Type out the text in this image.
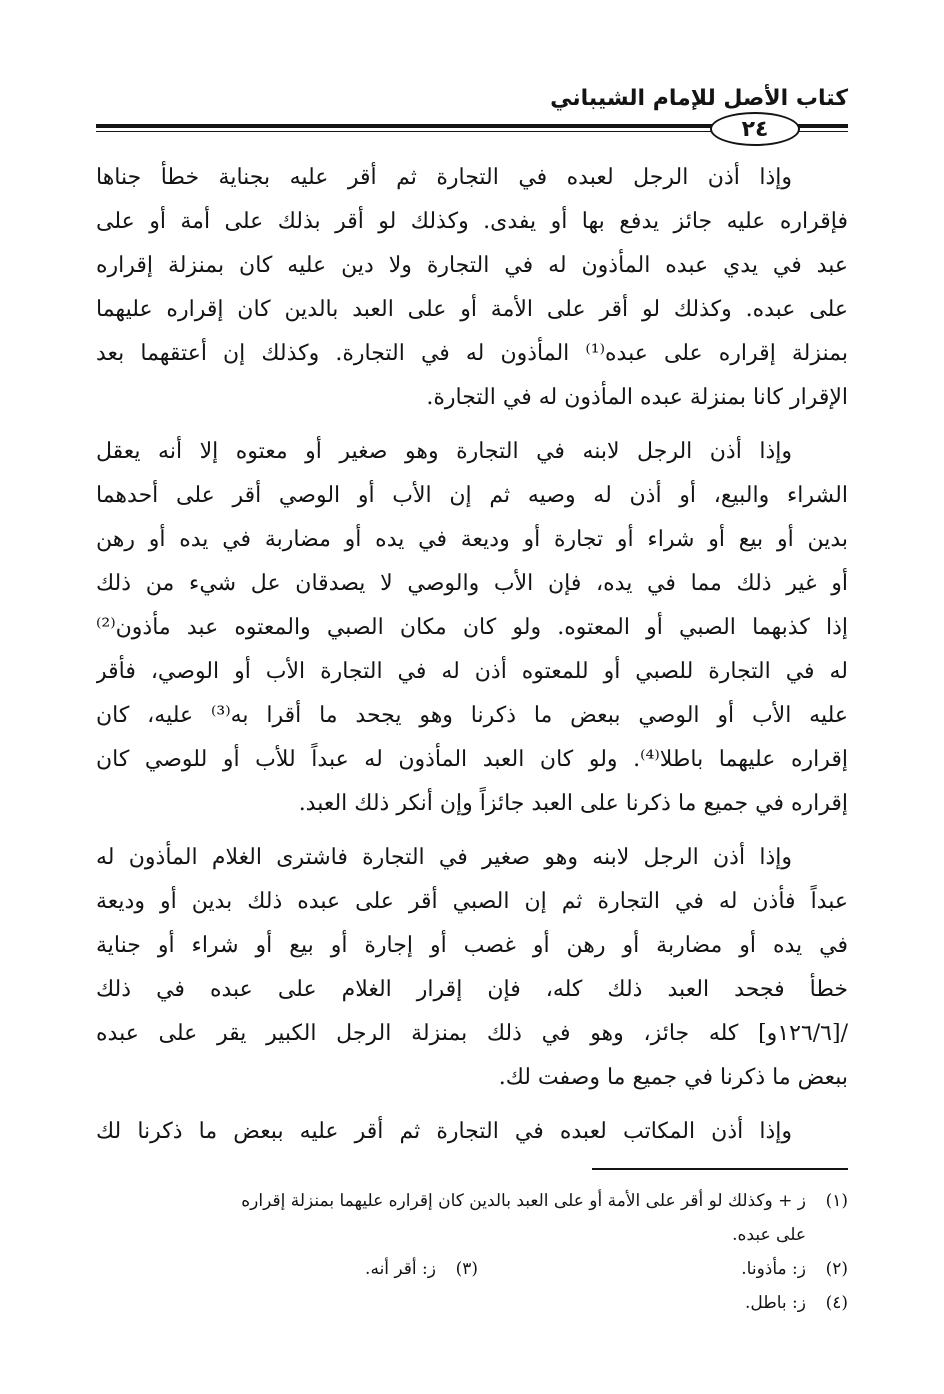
كتاب الأصل للإمام الشيباني
٢٤
وإذا أذن الرجل لعبده في التجارة ثم أقر عليه بجناية خطأ جناها
فإقراره عليه جائز يدفع بها أو يفدى. وكذلك لو أقر بذلك على أمة أو على
عبد في يدي عبده المأذون له في التجارة ولا دين عليه كان بمنزلة إقراره
على عبده. وكذلك لو أقر على الأمة أو على العبد بالدين كان إقراره عليهما
بمنزلة إقراره على عبده⁽¹⁾ المأذون له في التجارة. وكذلك إن أعتقهما بعد
الإقرار كانا بمنزلة عبده المأذون له في التجارة.
وإذا أذن الرجل لابنه في التجارة وهو صغير أو معتوه إلا أنه يعقل
الشراء والبيع، أو أذن له وصيه ثم إن الأب أو الوصي أقر على أحدهما
بدين أو بيع أو شراء أو تجارة أو وديعة في يده أو مضاربة في يده أو رهن
أو غير ذلك مما في يده، فإن الأب والوصي لا يصدقان عل شيء من ذلك
إذا كذبهما الصبي أو المعتوه. ولو كان مكان الصبي والمعتوه عبد مأذون⁽²⁾
له في التجارة للصبي أو للمعتوه أذن له في التجارة الأب أو الوصي، فأقر
عليه الأب أو الوصي ببعض ما ذكرنا وهو يجحد ما أقرا به⁽³⁾ عليه، كان
إقراره عليهما باطلا⁽⁴⁾. ولو كان العبد المأذون له عبداً للأب أو للوصي كان
إقراره في جميع ما ذكرنا على العبد جائزاً وإن أنكر ذلك العبد.
وإذا أذن الرجل لابنه وهو صغير في التجارة فاشترى الغلام المأذون له
عبداً فأذن له في التجارة ثم إن الصبي أقر على عبده ذلك بدين أو وديعة
في يده أو مضاربة أو رهن أو غصب أو إجارة أو بيع أو شراء أو جناية
خطأ فجحد العبد ذلك كله، فإن إقرار الغلام على عبده في ذلك
/[١٢٦/٦و] كله جائز، وهو في ذلك بمنزلة الرجل الكبير يقر على عبده
ببعض ما ذكرنا في جميع ما وصفت لك.
وإذا أذن المكاتب لعبده في التجارة ثم أقر عليه ببعض ما ذكرنا لك
(١)ز + وكذلك لو أقر على الأمة أو على العبد بالدين كان إقراره عليهما بمنزلة إقراره
على عبده.
(٢)ز: مأذونا.
(٣)ز: أقر أنه.
(٤)ز: باطل.
